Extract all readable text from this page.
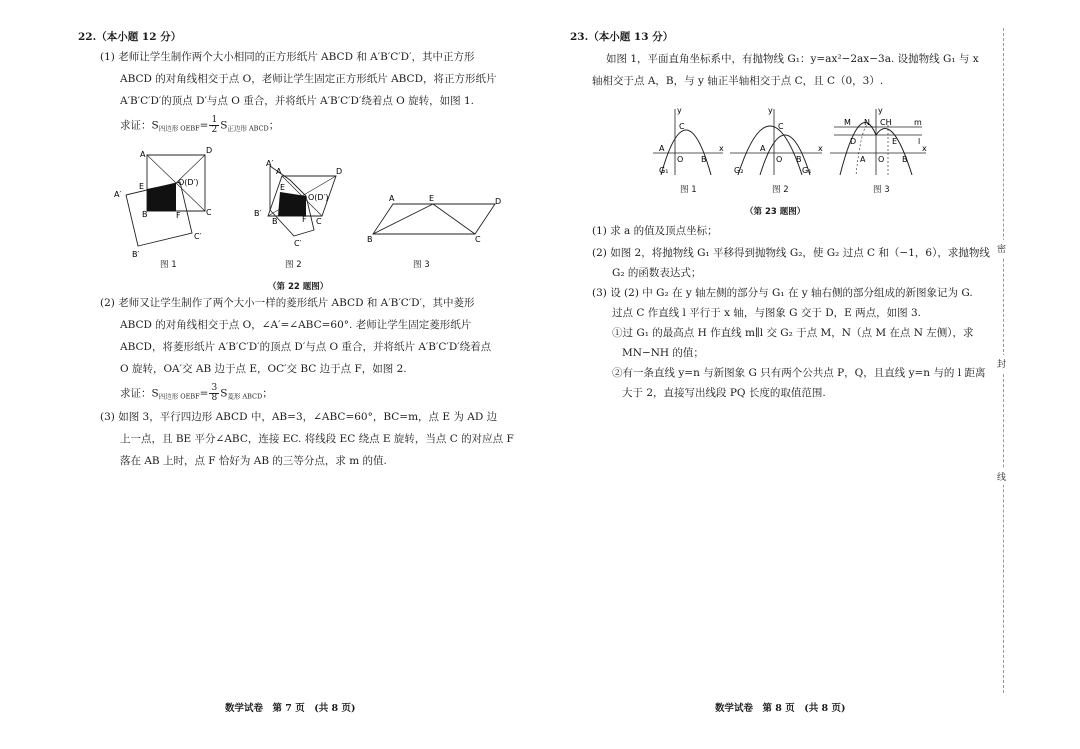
22.（本小题 12 分）
(1) 老师让学生制作两个大小相同的正方形纸片 ABCD 和 A′B′C′D′，其中正方形
ABCD 的对角线相交于点 O，老师让学生固定正方形纸片 ABCD，将正方形纸片
A′B′C′D′的顶点 D′与点 O 重合，并将纸片 A′B′C′D′绕着点 O 旋转，如图 1.
求证：$S_{四边形 OEBF}= \frac{1}{2} S_{正边形 ABCD}$；
A	D
A′
E	O(D′)
B	F	C
C′
B′
图 1
A′
A	D
E
O(D′)
B′
B	F C
C′
图 2
A	E	D
B	C
图 3
（第 22 题图）
(2) 老师又让学生制作了两个大小一样的菱形纸片 ABCD 和 A′B′C′D′，其中菱形
ABCD 的对角线相交于点 O，∠A′=∠ABC=60°. 老师让学生固定菱形纸片
ABCD，将菱形纸片 A′B′C′D′的顶点 D′与点 O 重合，并将纸片 A′B′C′D′绕着点
O 旋转，OA′交 AB 边于点 E，OC′交 BC 边于点 F，如图 2.
求证：$S_{四边形 OEBF}= \frac{3}{8} S_{菱形 ABCD}$；
(3) 如图 3，平行四边形 ABCD 中，AB=3，∠ABC=60°，BC=m，点 E 为 AD 边
上一点，且 BE 平分∠ABC，连接 EC. 将线段 EC 绕点 E 旋转，当点 C 的对应点 F
落在 AB 上时，点 F 恰好为 AB 的三等分点，求 m 的值.
数学试卷　第 7 页　(共 8 页)
23.（本小题 13 分）
如图 1，平面直角坐标系中，有抛物线 G₁：y=ax²−2ax−3a. 设抛物线 G₁ 与 x
轴相交于点 A，B，与 y 轴正半轴相交于点 C，且 C（0，3）.
y
C
A
O B
x
G₁
图 1
y
C
A
O B
x
G₂	G₁
图 2
M N CH	m
D	E	l
A O B
x
y
图 3
（第 23 题图）
(1) 求 a 的值及顶点坐标；
(2) 如图 2，将抛物线 G₁ 平移得到抛物线 G₂，使 G₂ 过点 C 和（−1，6），求抛物线
G₂ 的函数表达式；
(3) 设 (2) 中 G₂ 在 y 轴左侧的部分与 G₁ 在 y 轴右侧的部分组成的新图象记为 G.
过点 C 作直线 l 平行于 x 轴，与图象 G 交于 D，E 两点，如图 3.
①过 G₁ 的最高点 H 作直线 m∥l 交 G₂ 于点 M，N（点 M 在点 N 左侧），求
MN−NH 的值；
②有一条直线 y=n 与新图象 G 只有两个公共点 P，Q，且直线 y=n 与的 l 距离
大于 2，直接写出线段 PQ 长度的取值范围.
数学试卷　第 8 页　(共 8 页)
密
封
线
